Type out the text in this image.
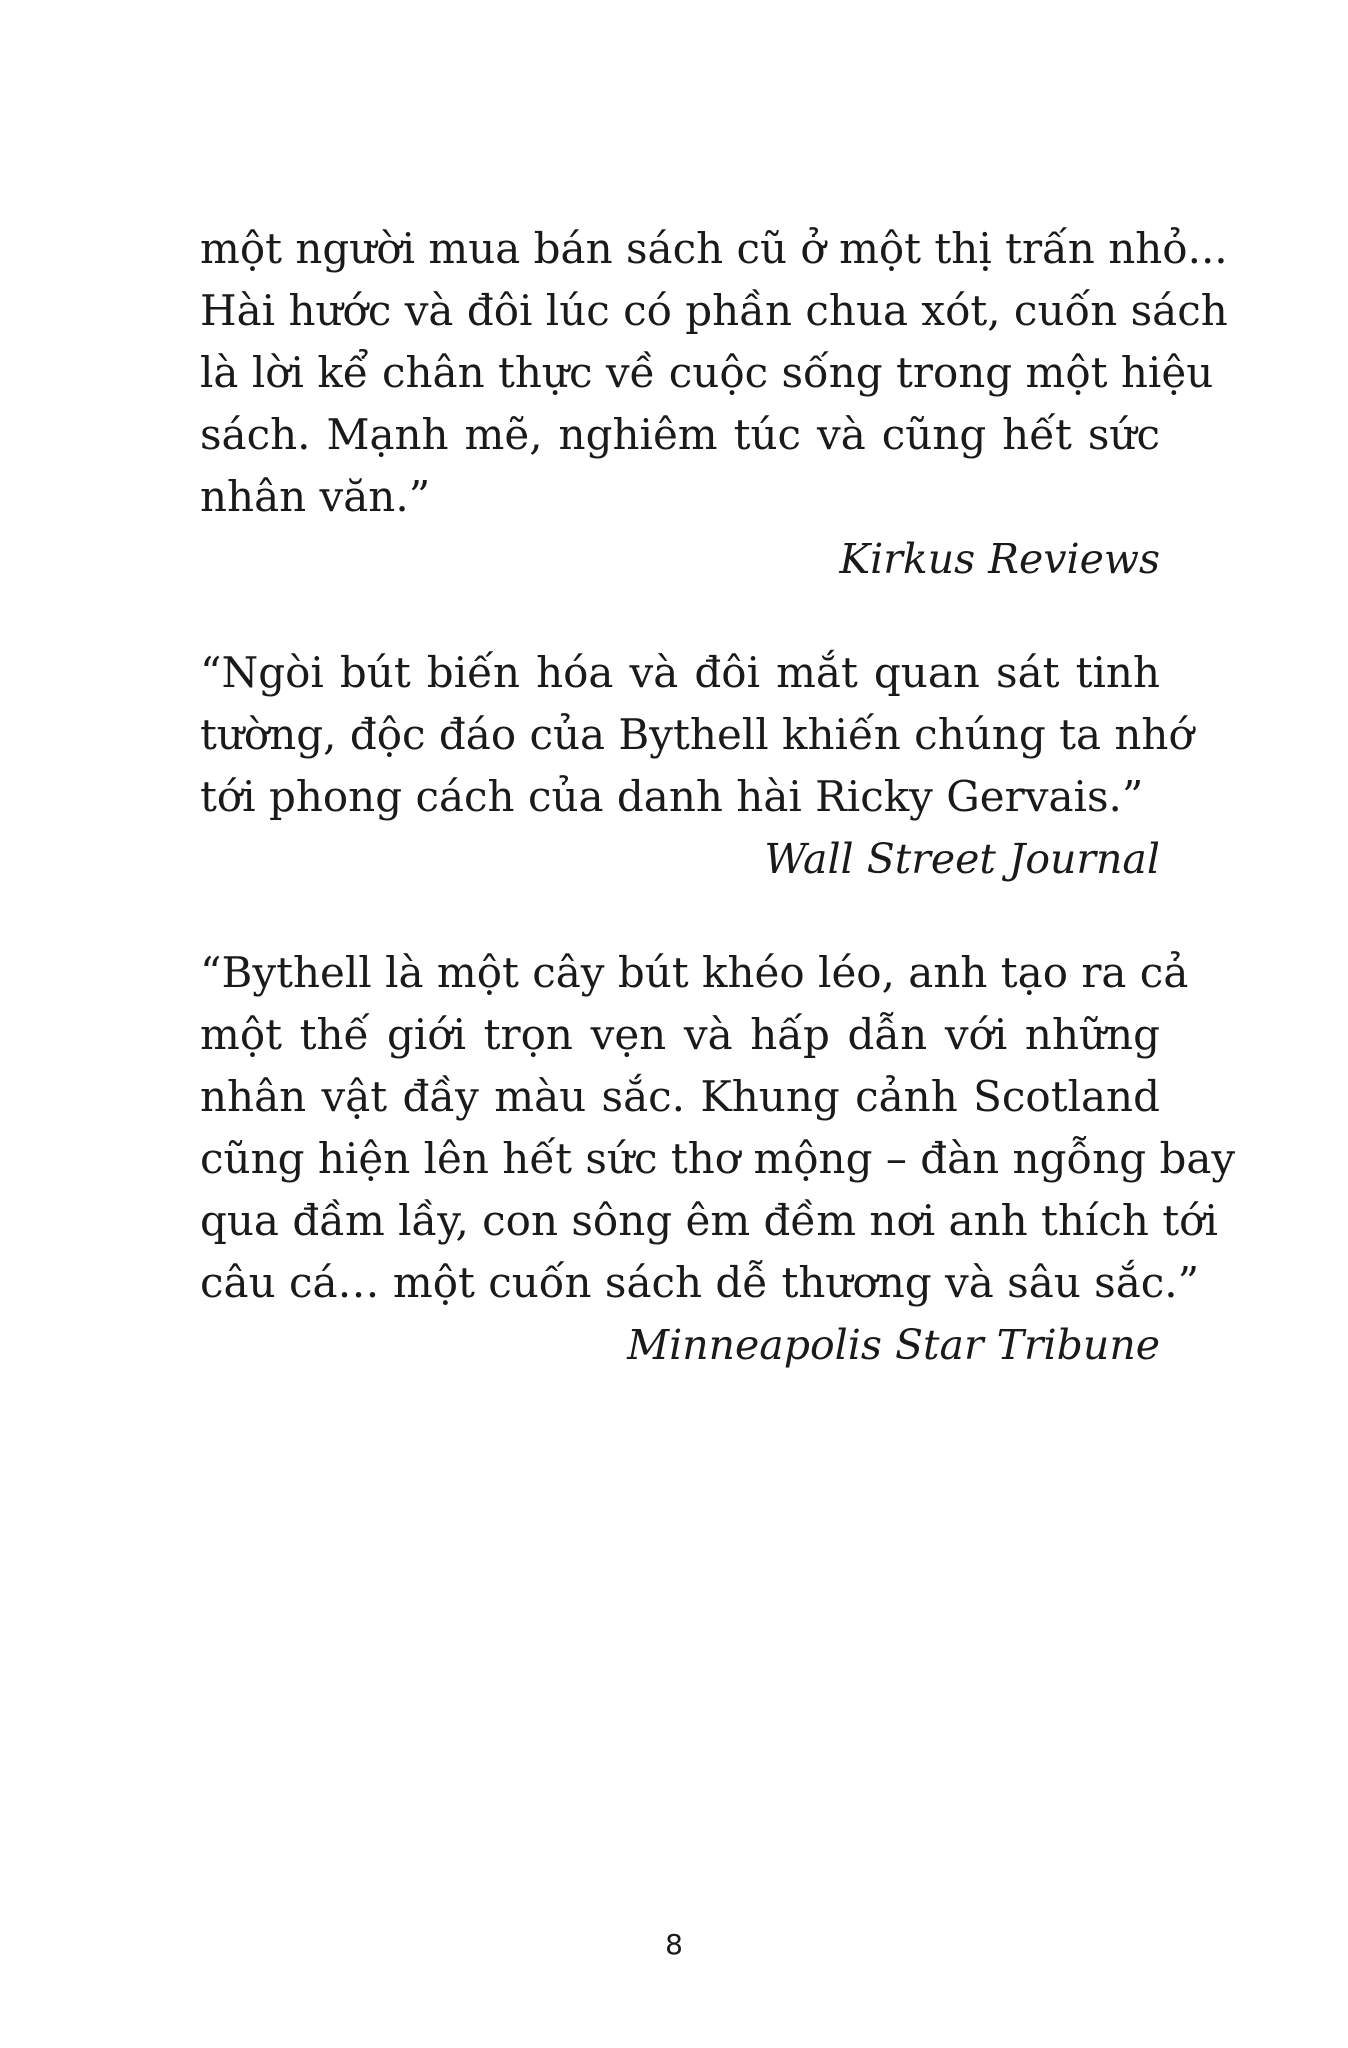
một người mua bán sách cũ ở một thị trấn nhỏ...
Hài hước và đôi lúc có phần chua xót, cuốn sách
là lời kể chân thực về cuộc sống trong một hiệu
sách. Mạnh mẽ, nghiêm túc và cũng hết sức
nhân văn.”
Kirkus Reviews
“Ngòi bút biến hóa và đôi mắt quan sát tinh
tường, độc đáo của Bythell khiến chúng ta nhớ
tới phong cách của danh hài Ricky Gervais.”
Wall Street Journal
“Bythell là một cây bút khéo léo, anh tạo ra cả
một thế giới trọn vẹn và hấp dẫn với những
nhân vật đầy màu sắc. Khung cảnh Scotland
cũng hiện lên hết sức thơ mộng – đàn ngỗng bay
qua đầm lầy, con sông êm đềm nơi anh thích tới
câu cá… một cuốn sách dễ thương và sâu sắc.”
Minneapolis Star Tribune
8
